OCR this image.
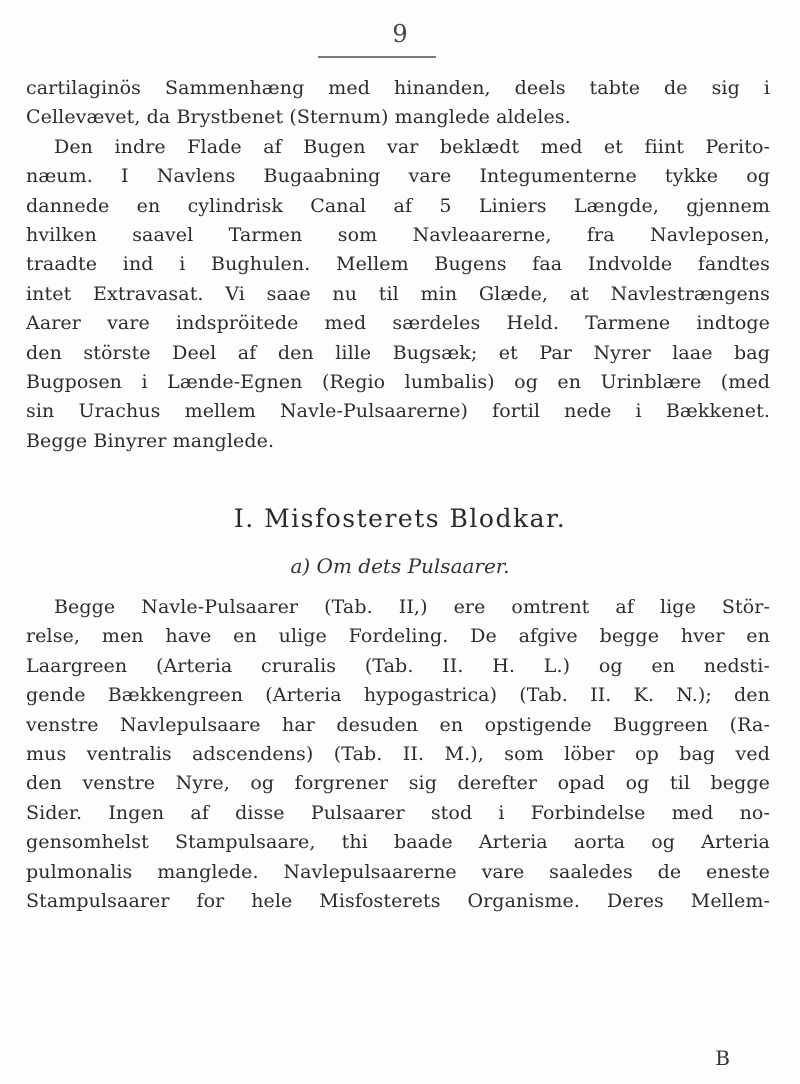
9
cartilaginös Sammenhæng med hinanden, deels tabte de sig i
Cellevævet, da Brystbenet (Sternum) manglede aldeles.
Den indre Flade af Bugen var beklædt med et fiint Perito-
næum. I Navlens Bugaabning vare Integumenterne tykke og
dannede en cylindrisk Canal af 5 Liniers Længde, gjennem
hvilken saavel Tarmen som Navleaarerne, fra Navleposen,
traadte ind i Bughulen. Mellem Bugens faa Indvolde fandtes
intet Extravasat. Vi saae nu til min Glæde, at Navlestrængens
Aarer vare indspröitede med særdeles Held. Tarmene indtoge
den störste Deel af den lille Bugsæk; et Par Nyrer laae bag
Bugposen i Lænde-Egnen (Regio lumbalis) og en Urinblære (med
sin Urachus mellem Navle-Pulsaarerne) fortil nede i Bækkenet.
Begge Binyrer manglede.
I. Misfosterets Blodkar.
a) Om dets Pulsaarer.
Begge Navle-Pulsaarer (Tab. II,) ere omtrent af lige Stör-
relse, men have en ulige Fordeling. De afgive begge hver en
Laargreen (Arteria cruralis (Tab. II. H. L.) og en nedsti-
gende Bækkengreen (Arteria hypogastrica) (Tab. II. K. N.); den
venstre Navlepulsaare har desuden en opstigende Buggreen (Ra-
mus ventralis adscendens) (Tab. II. M.), som löber op bag ved
den venstre Nyre, og forgrener sig derefter opad og til begge
Sider. Ingen af disse Pulsaarer stod i Forbindelse med no-
gensomhelst Stampulsaare, thi baade Arteria aorta og Arteria
pulmonalis manglede. Navlepulsaarerne vare saaledes de eneste
Stampulsaarer for hele Misfosterets Organisme. Deres Mellem-
B
